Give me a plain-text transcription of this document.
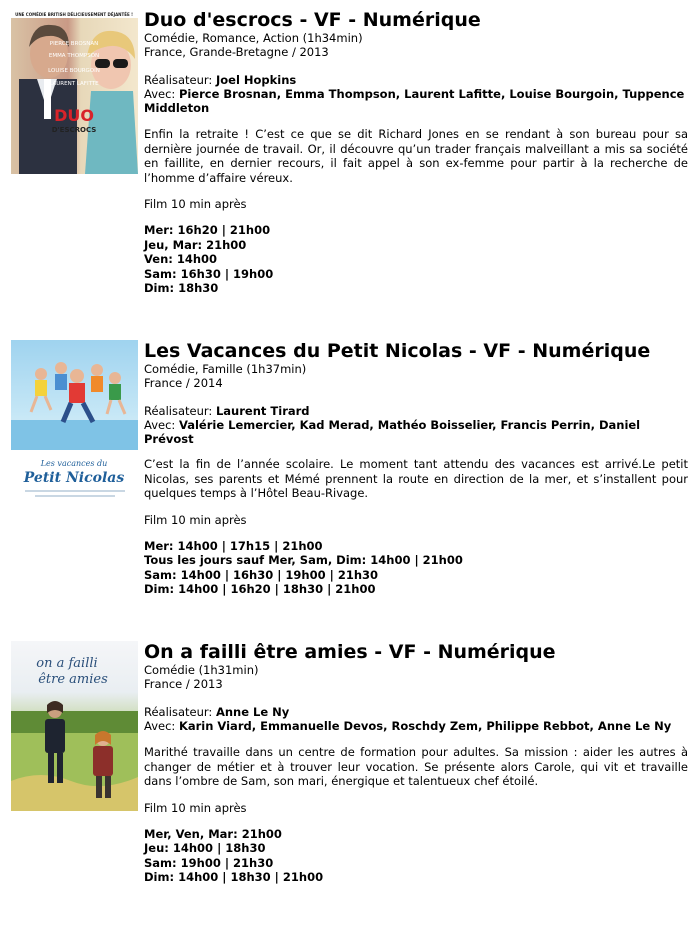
UNE COMÉDIE BRITISH DÉLICIEUSEMENT DÉJANTÉE !
PIERCE BROSNAN
EMMA THOMPSON
LOUISE BOURGOIN
LAURENT LAFITTE
DUO
D'ESCROCS
Duo d'escrocs - VF - Numérique

Comédie, Romance, Action (1h34min)

France, Grande-Bretagne / 2013

Réalisateur: Joel Hopkins

Avec: Pierce Brosnan, Emma Thompson, Laurent Lafitte, Louise Bourgoin, Tuppence Middleton

Enfin la retraite ! C’est ce que se dit Richard Jones en se rendant à son bureau pour sa dernière journée de travail. Or, il découvre qu’un trader français malveillant a mis sa société en faillite, en dernier recours, il fait appel à son ex-femme pour partir à la recherche de l’homme d’affaire véreux.

Film 10 min après

Mer: 16h20 | 21h00

Jeu, Mar: 21h00

Ven: 14h00

Sam: 16h30 | 19h00

Dim: 18h30

Les vacances du
Petit Nicolas
Les Vacances du Petit Nicolas - VF - Numérique

Comédie, Famille (1h37min)

France / 2014

Réalisateur: Laurent Tirard

Avec: Valérie Lemercier, Kad Merad, Mathéo Boisselier, Francis Perrin, Daniel Prévost

C’est la fin de l’année scolaire. Le moment tant attendu des vacances est arrivé.Le petit Nicolas, ses parents et Mémé prennent la route en direction de la mer, et s’installent pour quelques temps à l’Hôtel Beau-Rivage.

Film 10 min après

Mer: 14h00 | 17h15 | 21h00

Tous les jours sauf Mer, Sam, Dim: 14h00 | 21h00

Sam: 14h00 | 16h30 | 19h00 | 21h30

Dim: 14h00 | 16h20 | 18h30 | 21h00

on a failli
être amies
On a failli être amies - VF - Numérique

Comédie (1h31min)

France / 2013

Réalisateur: Anne Le Ny

Avec: Karin Viard, Emmanuelle Devos, Roschdy Zem, Philippe Rebbot, Anne Le Ny

Marithé travaille dans un centre de formation pour adultes. Sa mission : aider les autres à changer de métier et à trouver leur vocation. Se présente alors Carole, qui vit et travaille dans l’ombre de Sam, son mari, énergique et talentueux chef étoilé.

Film 10 min après

Mer, Ven, Mar: 21h00

Jeu: 14h00 | 18h30

Sam: 19h00 | 21h30

Dim: 14h00 | 18h30 | 21h00
